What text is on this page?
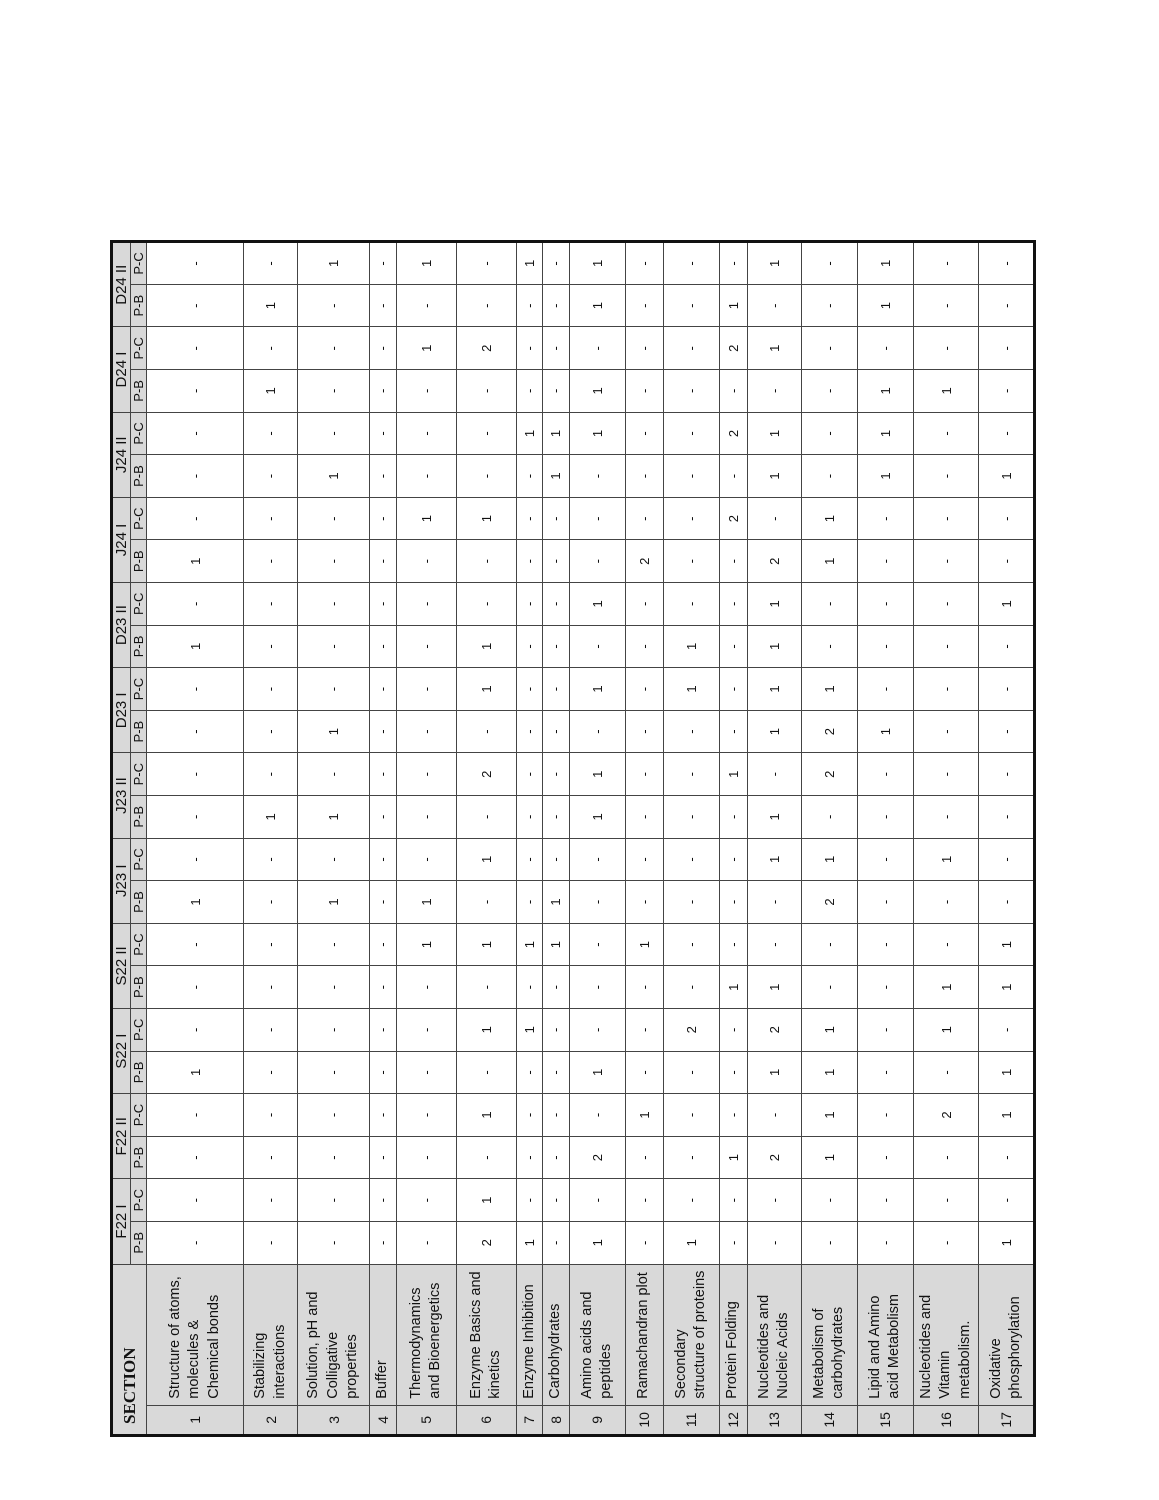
SECTION		F22 I		F22 II		S22 I		S22 II		J23 I		J23 II		D23 I		D23 II		J24 I		J24 II		D24 I		D24 II	
		P-B	P-C	P-B	P-C	P-B	P-C	P-B	P-C	P-B	P-C	P-B	P-C	P-B	P-C	P-B	P-C	P-B	P-C	P-B	P-C	P-B	P-C	P-B	P-C
1	Structure of atoms, molecules & Chemical bonds	-	-	-	-	1	-	-	-	1	-	-	-	-	-	1	-	1	-	-	-	-	-	-	-
2	Stabilizing interactions	-	-	-	-	-	-	-	-	-	-	1	-	-	-	-	-	-	-	-	-	1	-	1	-
3	Solution, pH and Colligative properties	-	-	-	-	-	-	-	-	1	-	1	-	1	-	-	-	-	-	1	-	-	-	-	1
4	Buffer	-	-	-	-	-	-	-	-	-	-	-	-	-	-	-	-	-	-	-	-	-	-	-	-
5	Thermodynamics and Bioenergetics	-	-	-	-	-	-	-	1	1	-	-	-	-	-	-	-	-	1	-	-	-	1	-	1
6	Enzyme Basics and kinetics	2	1	-	1	-	1	-	1	-	1	-	2	-	1	1	-	-	1	-	-	-	2	-	-
7	Enzyme Inhibition	1	-	-	-	-	1	-	1	-	-	-	-	-	-	-	-	-	-	-	1	-	-	-	1
8	Carbohydrates	-	-	-	-	-	-	-	1	1	-	-	-	-	-	-	-	-	-	1	1	-	-	-	-
9	Amino acids and peptides	1	-	2	-	1	-	-	-	-	-	1	1	-	1	-	1	-	-	-	1	1	-	1	1
10	Ramachandran plot	-	-	-	1	-	-	-	1	-	-	-	-	-	-	-	-	2	-	-	-	-	-	-	-
11	Secondary structure of proteins	1	-	-	-	-	2	-	-	-	-	-	-	-	1	1	-	-	-	-	-	-	-	-	-
12	Protein Folding	-	-	1	-	-	-	1	-	-	-	-	1	-	-	-	-	-	2	-	2	-	2	1	-
13	Nucleotides and Nucleic Acids	-	-	2	-	1	2	1	-	-	1	1	-	1	1	1	1	2	-	1	1	-	1	-	1
14	Metabolism of carbohydrates	-	-	1	1	1	1	-	-	2	1	-	2	2	1	-	-	1	1	-	-	-	-	-	-
15	Lipid and Amino acid Metabolism	-	-	-	-	-	-	-	-	-	-	-	-	1	-	-	-	-	-	1	1	1	-	1	1
16	Nucleotides and Vitamin metabolism.	-	-	-	2	-	1	1	-	-	1	-	-	-	-	-	-	-	-	-	-	1	-	-	-
17	Oxidative phosphorylation	1	-	-	1	1	-	1	1	-	-	-	-	-	-	-	1	-	-	1	-	-	-	-	-
